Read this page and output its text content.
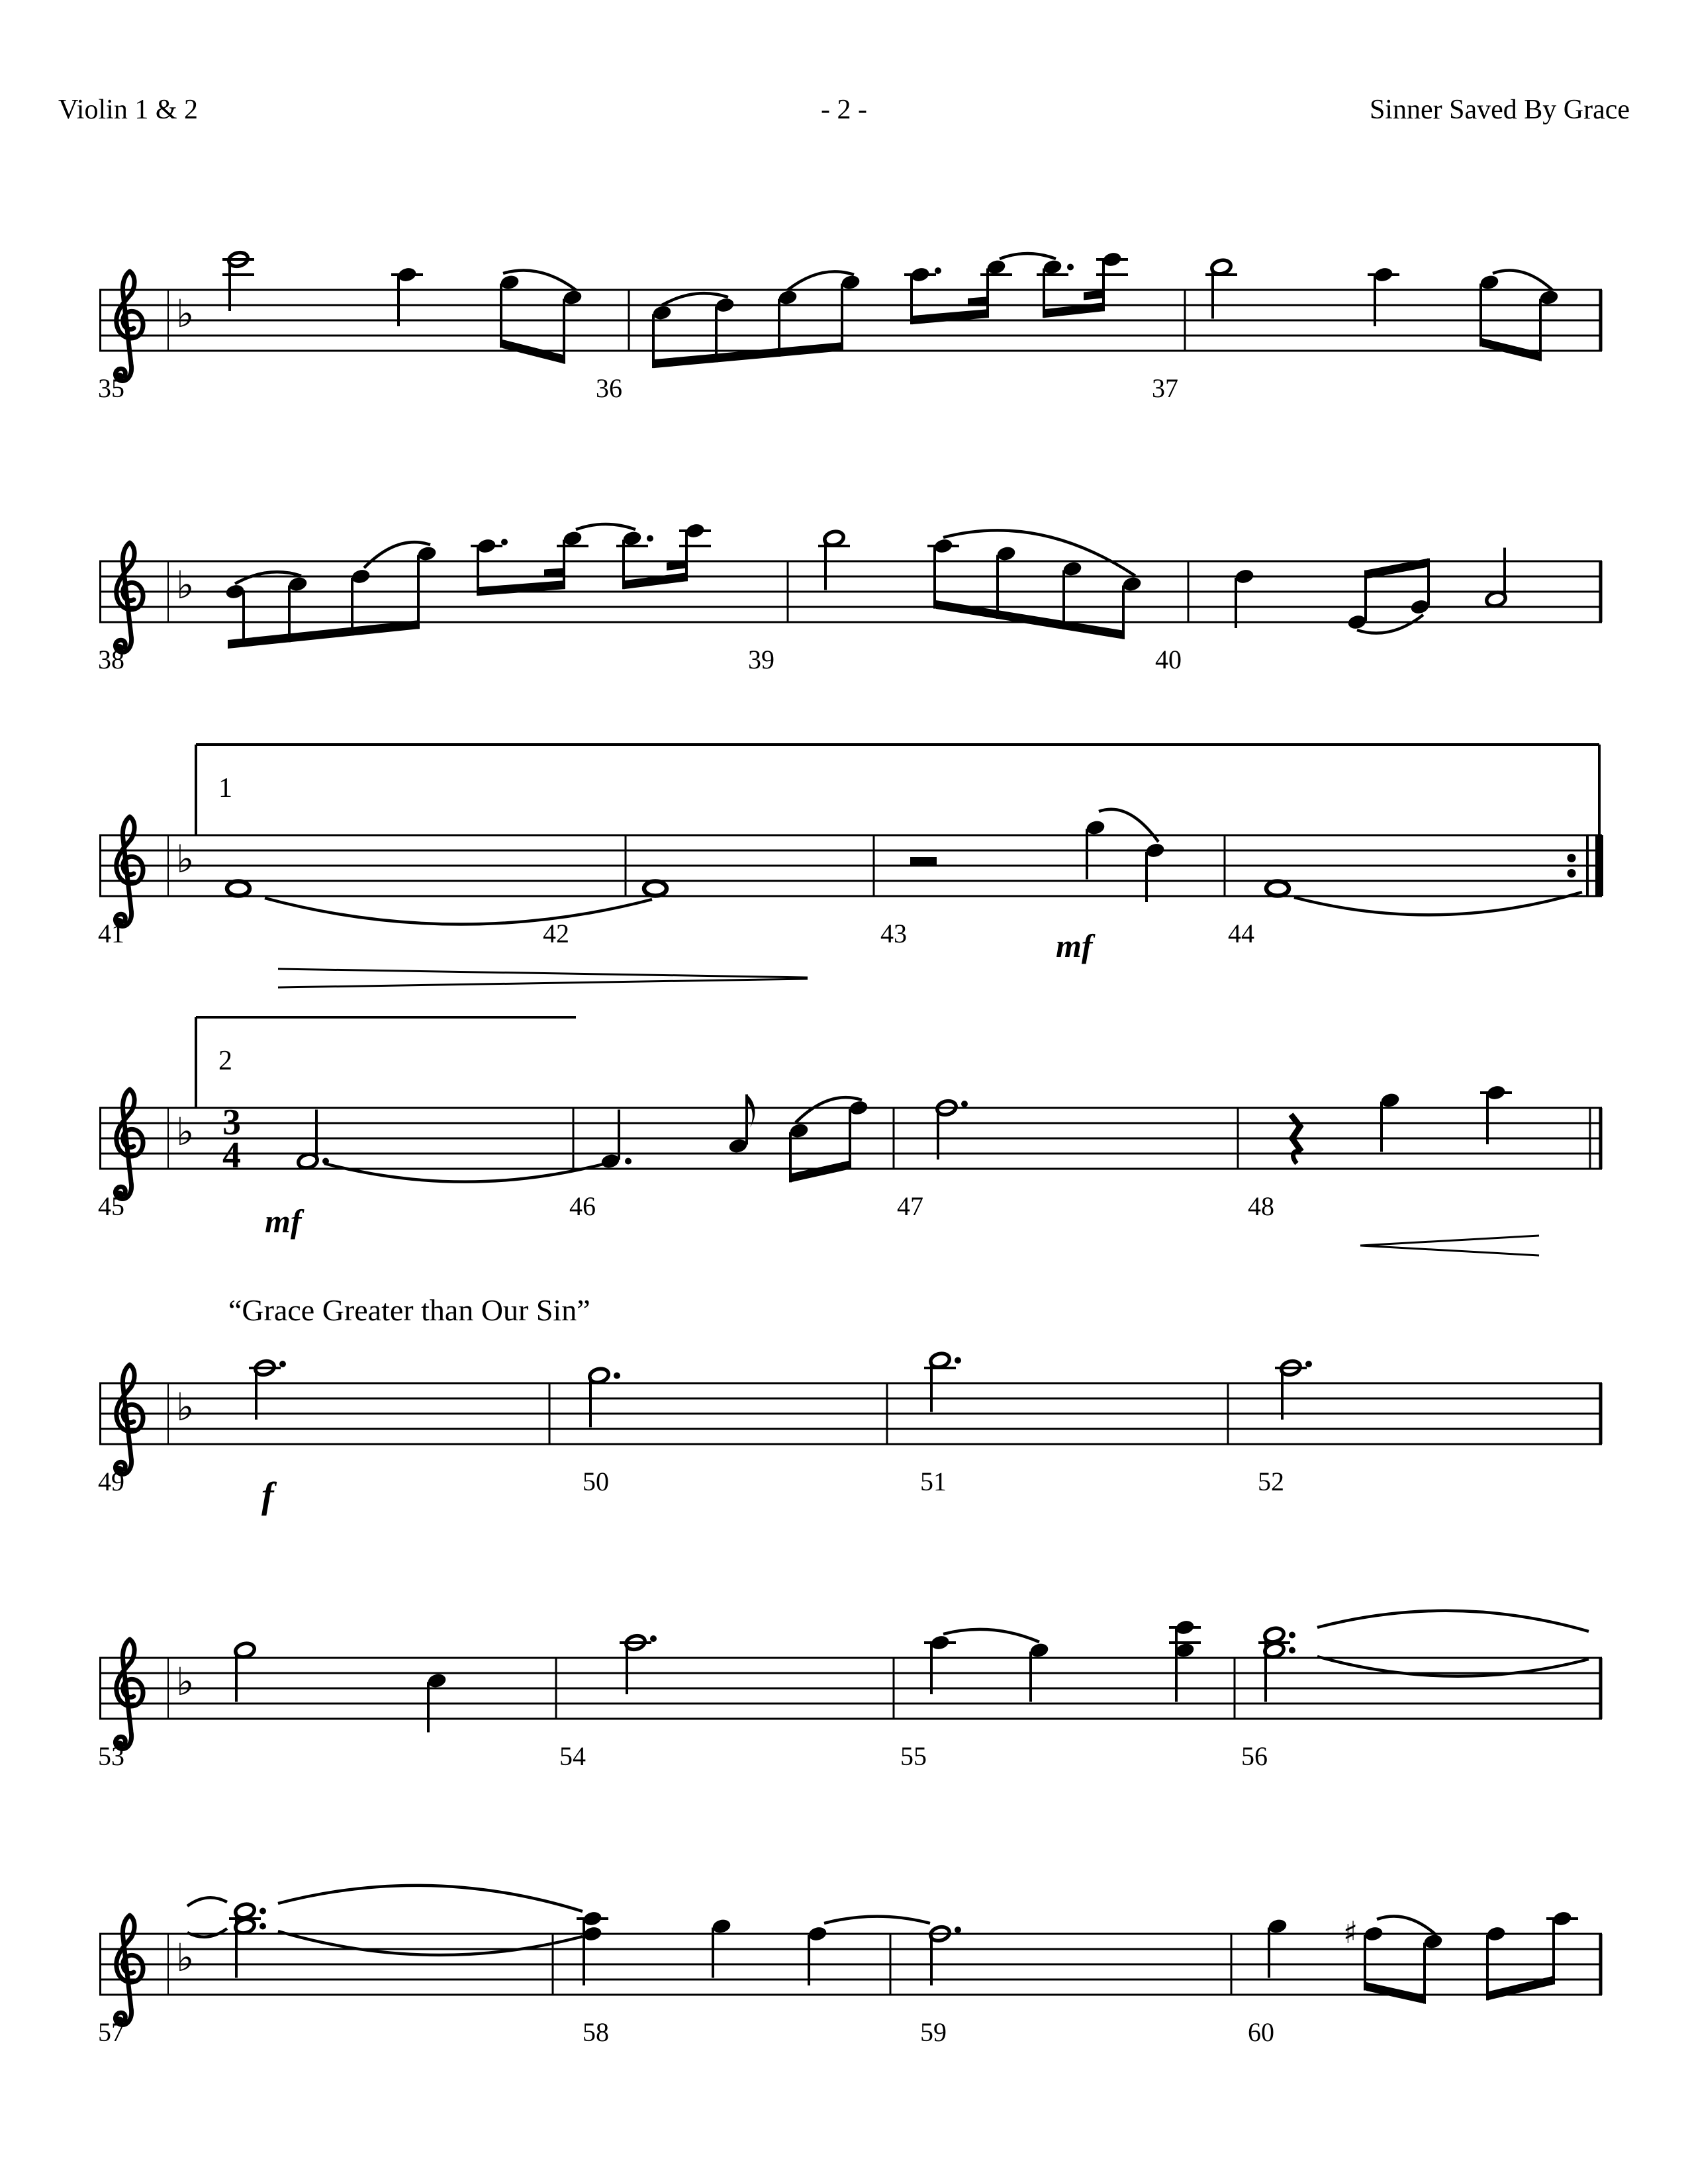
Violin 1 & 2	- 2 -	Sinner Saved By Grace
♭
35	36	37
♭
38	39	40
♭
1
mf
41	42	43	44
♭ 3
4
2
mf
45	46	47	48
♭
f
“Grace Greater than Our Sin”
49	50	51	52
♭
53	54	55	56
♭
♯
57	58	59	60
